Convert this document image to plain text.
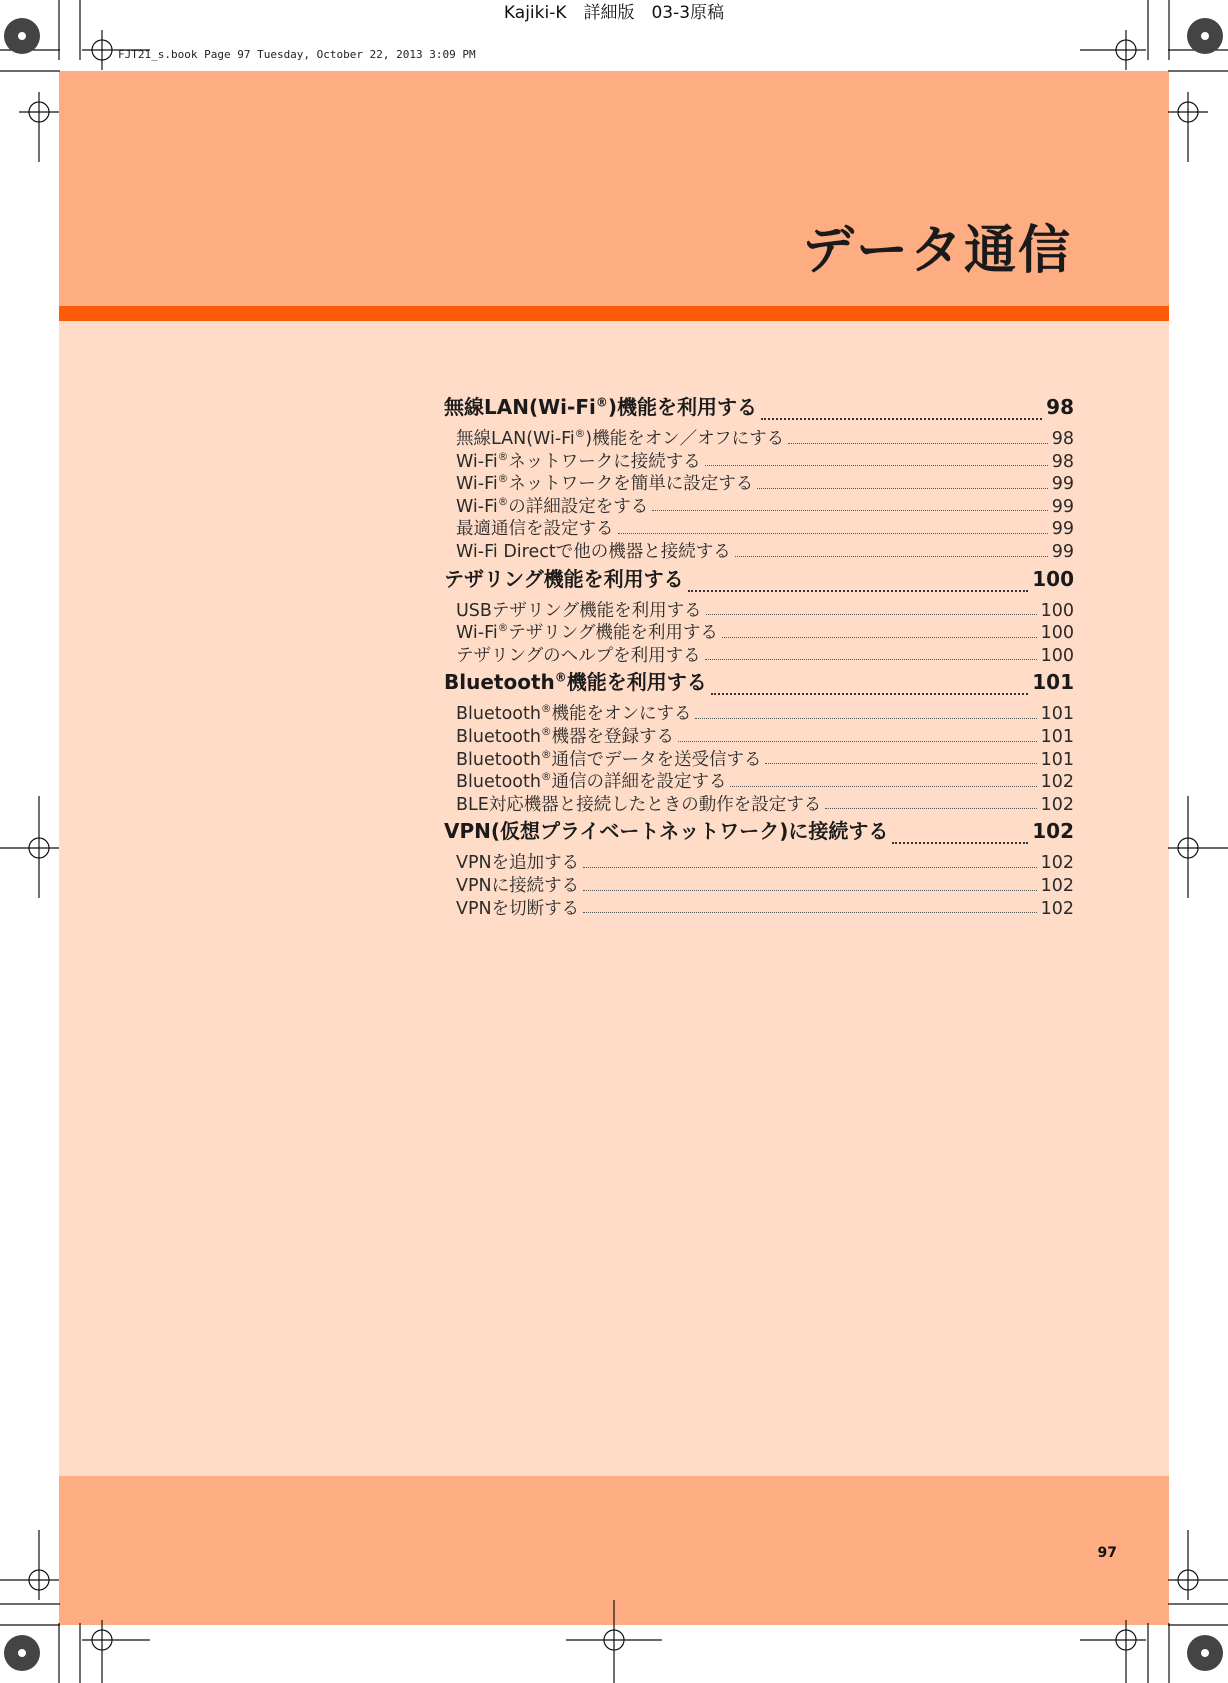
Kajiki-K　詳細版　03-3原稿
FJT21_s.book Page 97 Tuesday, October 22, 2013 3:09 PM
データ通信
97
無線LAN(Wi-Fi®)機能を利用する	98
無線LAN(Wi-Fi®)機能をオン／オフにする	98
Wi-Fi®ネットワークに接続する	98
Wi-Fi®ネットワークを簡単に設定する	99
Wi-Fi®の詳細設定をする	99
最適通信を設定する	99
Wi-Fi Directで他の機器と接続する	99
テザリング機能を利用する	100
USBテザリング機能を利用する	100
Wi-Fi®テザリング機能を利用する	100
テザリングのヘルプを利用する	100
Bluetooth®機能を利用する	101
Bluetooth®機能をオンにする	101
Bluetooth®機器を登録する	101
Bluetooth®通信でデータを送受信する	101
Bluetooth®通信の詳細を設定する	102
BLE対応機器と接続したときの動作を設定する	102
VPN(仮想プライベートネットワーク)に接続する	102
VPNを追加する	102
VPNに接続する	102
VPNを切断する	102
